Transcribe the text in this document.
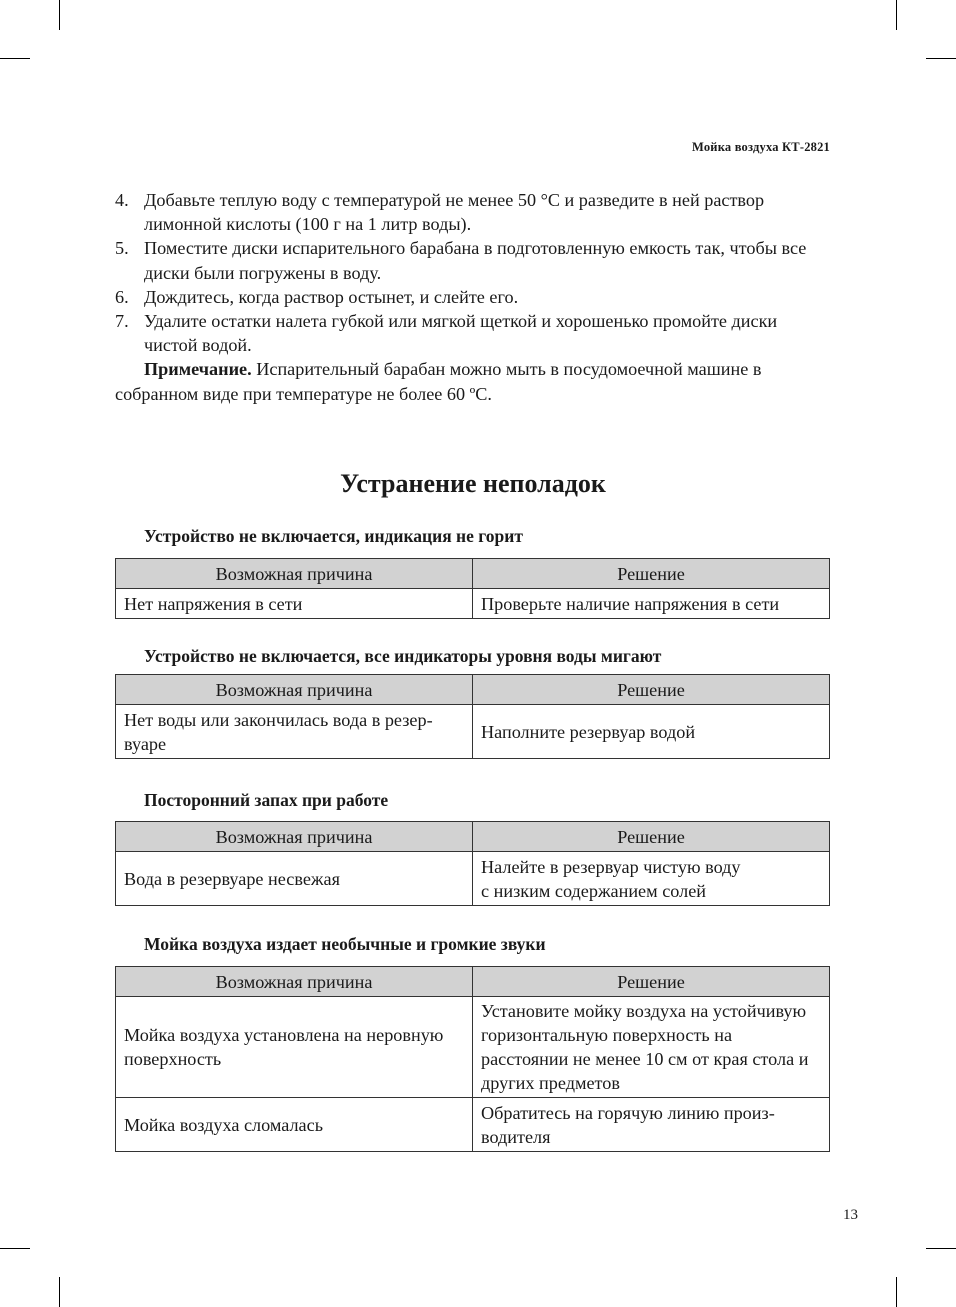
Мойка воздуха КТ-2821
4. Добавьте теплую воду с температурой не менее 50 °С и разведите в ней раствор лимонной кислоты (100 г на 1 литр воды).
5. Поместите диски испарительного барабана в подготовленную емкость так, чтобы все диски были погружены в воду.
6. Дождитесь, когда раствор остынет, и слейте его.
7. Удалите остатки налета губкой или мягкой щеткой и хорошенько промойте диски чистой водой.
Примечание. Испарительный барабан можно мыть в посудомоечной машине в собранном виде при температуре не более 60 ºС.
Устранение неполадок
Устройство не включается, индикация не горит
Возможная причина	Решение
Нет напряжения в сети	Проверьте наличие напряжения в сети
Устройство не включается, все индикаторы уровня воды мигают
Возможная причина	Решение
Нет воды или закончилась вода в резервуаре	Наполните резервуар водой
Посторонний запах при работе
Возможная причина	Решение
Вода в резервуаре несвежая	Налейте в резервуар чистую воду
с низким содержанием солей
Мойка воздуха издает необычные и громкие звуки
Возможная причина	Решение
Мойка воздуха установлена на неровную поверхность	Установите мойку воздуха на устойчивую горизонтальную поверхность на расстоянии не менее 10 см от края стола и других предметов
Мойка воздуха сломалась	Обратитесь на горячую линию производителя
13
